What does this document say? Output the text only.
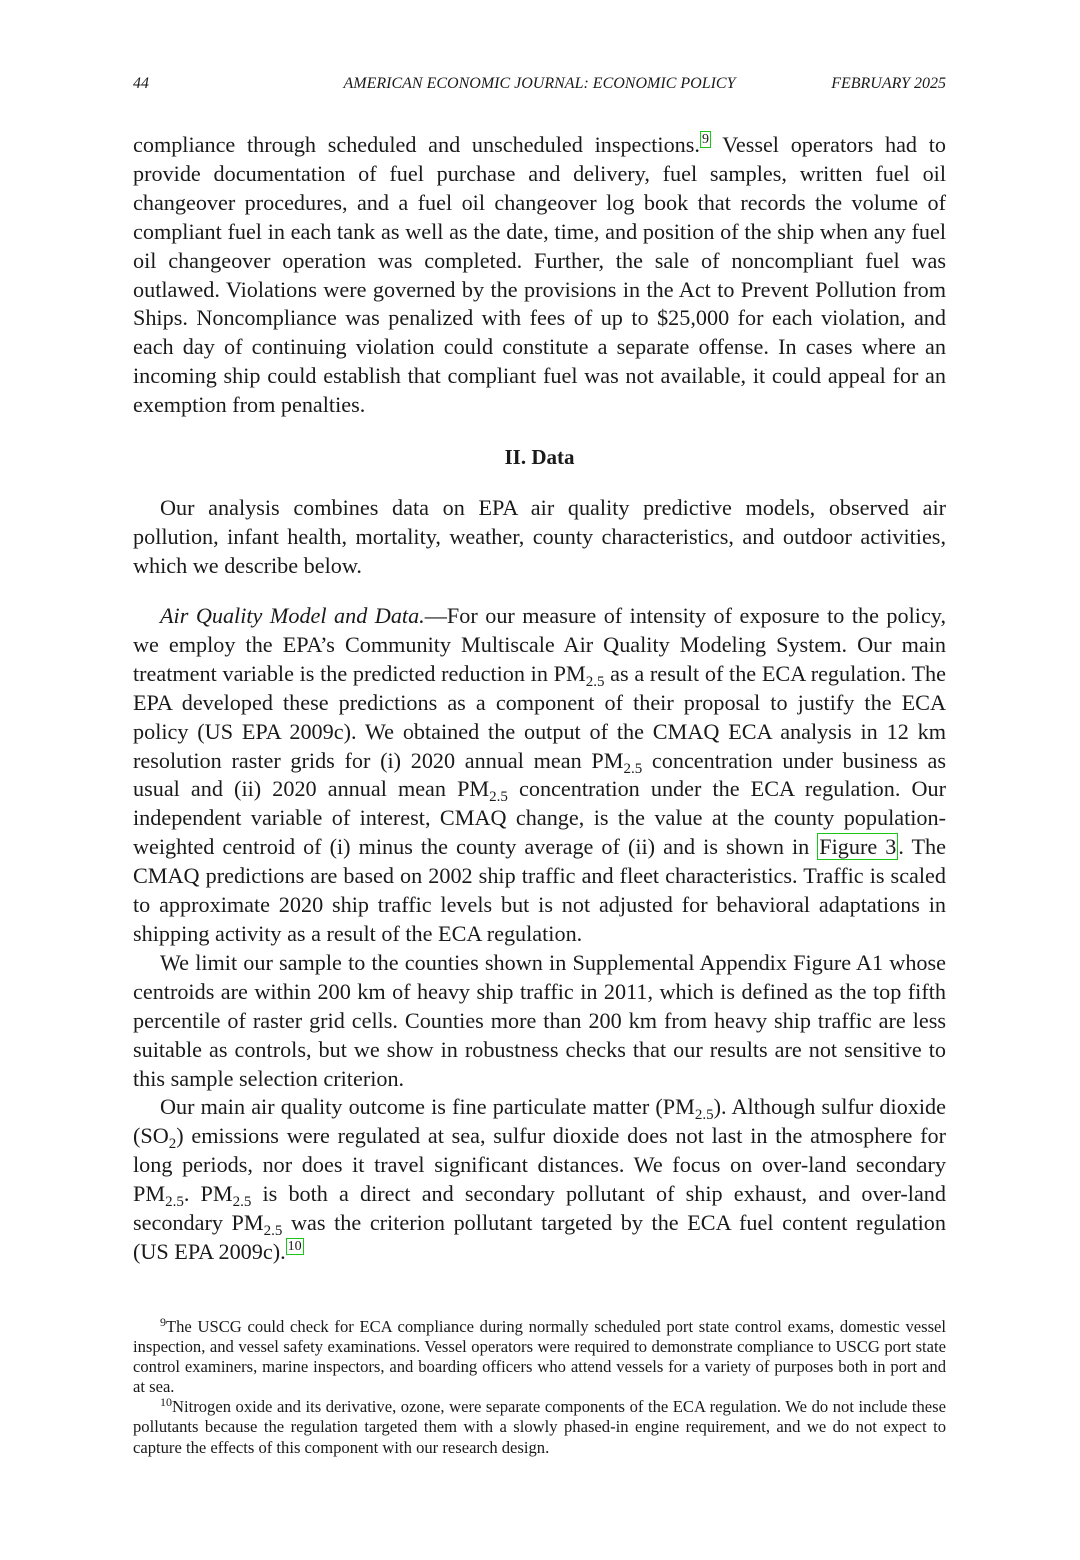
44	AMERICAN ECONOMIC JOURNAL: ECONOMIC POLICY	FEBRUARY 2025

compliance through scheduled and unscheduled inspections. $^9$ Vessel operators had to provide documentation of fuel purchase and delivery, fuel samples, written fuel oil changeover procedures, and a fuel oil changeover log book that records the volume of compliant fuel in each tank as well as the date, time, and position of the ship when any fuel oil changeover operation was completed. Further, the sale of noncompliant fuel was outlawed. Violations were governed by the provisions in the Act to Prevent Pollution from Ships. Noncompliance was penalized with fees of up to $25,000 for each violation, and each day of continuing violation could constitute a separate offense. In cases where an incoming ship could establish that compliant fuel was not available, it could appeal for an exemption from penalties.

II. Data

Our analysis combines data on EPA air quality predictive models, observed air pollution, infant health, mortality, weather, county characteristics, and outdoor activities, which we describe below.

Air Quality Model and Data.—For our measure of intensity of exposure to the policy, we employ the EPA’s Community Multiscale Air Quality Modeling System. Our main treatment variable is the predicted reduction in $PM_{2.5}$ as a result of the ECA regulation. The EPA developed these predictions as a component of their proposal to justify the ECA policy (US EPA 2009c). We obtained the output of the CMAQ ECA analysis in 12 km resolution raster grids for (i) 2020 annual mean $PM_{2.5}$ concentration under business as usual and (ii) 2020 annual mean $PM_{2.5}$ concentration under the ECA regulation. Our independent variable of interest, CMAQ change, is the value at the county population-weighted centroid of (i) minus the county average of (ii) and is shown in Figure 3. The CMAQ predictions are based on 2002 ship traffic and fleet characteristics. Traffic is scaled to approximate 2020 ship traffic levels but is not adjusted for behavioral adaptations in shipping activity as a result of the ECA regulation.

We limit our sample to the counties shown in Supplemental Appendix Figure A1 whose centroids are within 200 km of heavy ship traffic in 2011, which is defined as the top fifth percentile of raster grid cells. Counties more than 200 km from heavy ship traffic are less suitable as controls, but we show in robustness checks that our results are not sensitive to this sample selection criterion.

Our main air quality outcome is fine particulate matter $(PM_{2.5})$. Although sulfur dioxide $(SO_2)$ emissions were regulated at sea, sulfur dioxide does not last in the atmosphere for long periods, nor does it travel significant distances. We focus on over-land secondary $PM_{2.5}$. $PM_{2.5}$ is both a direct and secondary pollutant of ship exhaust, and over-land secondary $PM_{2.5}$ was the criterion pollutant targeted by the ECA fuel content regulation (US EPA 2009c). $^{10}$

$^9$The USCG could check for ECA compliance during normally scheduled port state control exams, domestic vessel inspection, and vessel safety examinations. Vessel operators were required to demonstrate compliance to USCG port state control examiners, marine inspectors, and boarding officers who attend vessels for a variety of purposes both in port and at sea.

$^{10}$Nitrogen oxide and its derivative, ozone, were separate components of the ECA regulation. We do not include these pollutants because the regulation targeted them with a slowly phased-in engine requirement, and we do not expect to capture the effects of this component with our research design.
